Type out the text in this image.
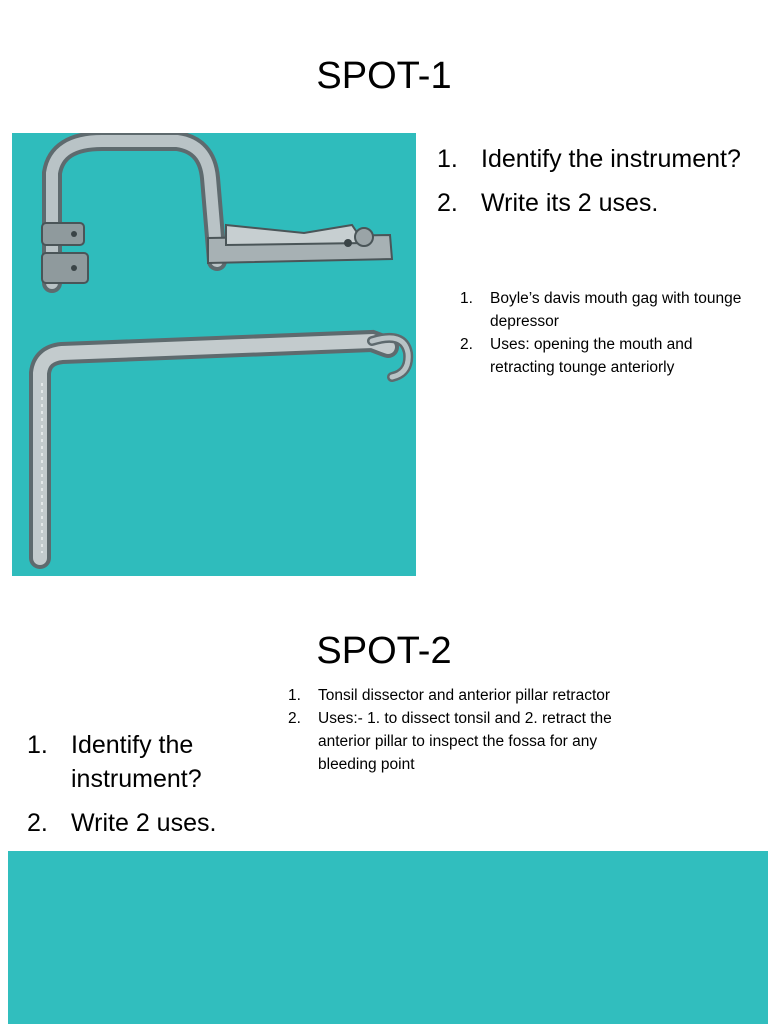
SPOT-1
1. Identify the instrument?
2. Write its 2 uses.
1.	Boyle’s davis mouth gag with tounge depressor
2.	Uses: opening the mouth and retracting tounge anteriorly
SPOT-2
1.	Tonsil dissector and anterior pillar retractor
2.	Uses:- 1. to dissect tonsil and 2. retract the anterior pillar to inspect the fossa for any bleeding point
1. Identify the instrument?
2. Write 2 uses.
